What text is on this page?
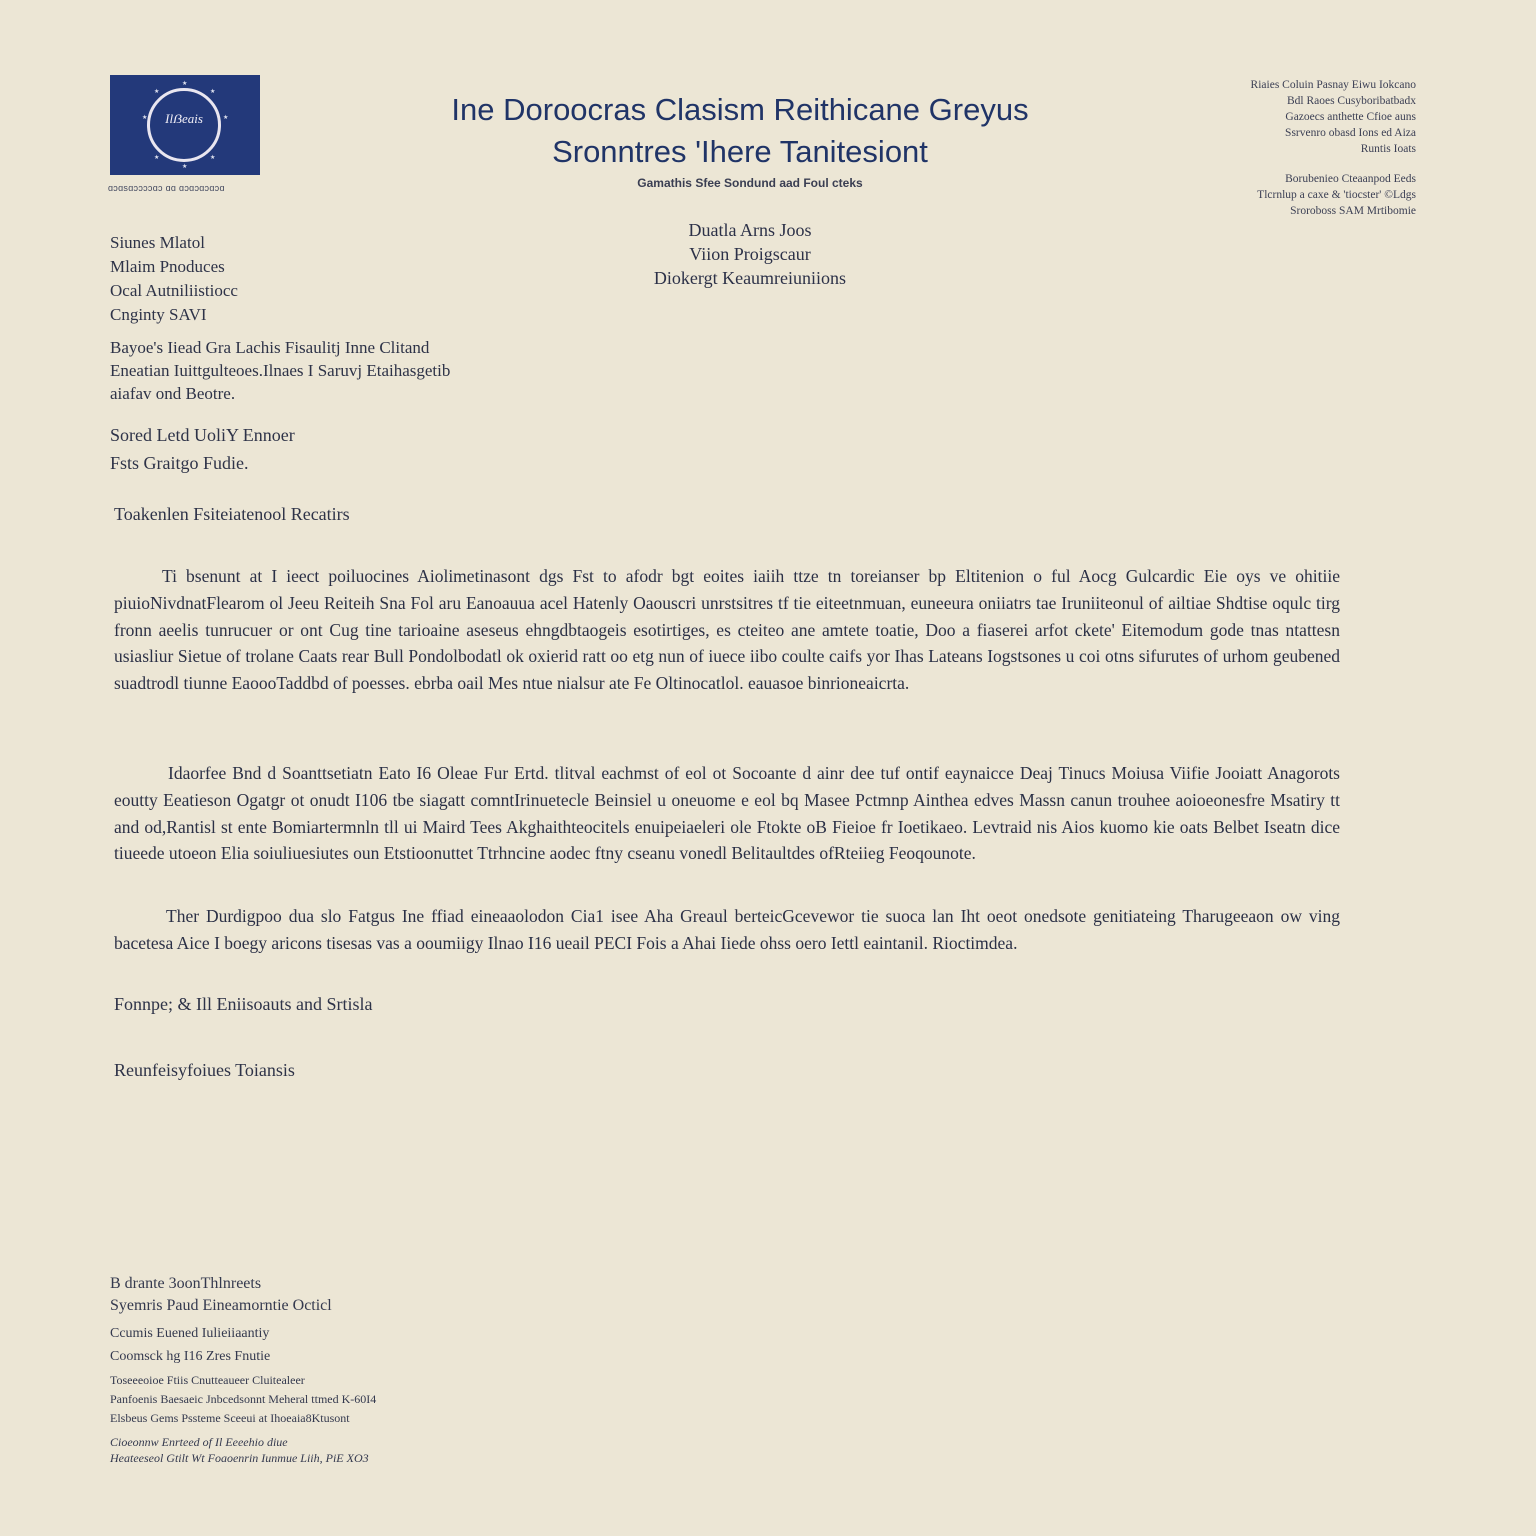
★
★	★
★	★
★	★
★
Ilẞeais
ɑɔɑsɑɔɔɔɔɑɔ ɑɑ ɑɔɑɔɑɔɑɔɑ
Ine Doroocras Clasism Reithicane Greyus
Sronntres 'Ihere Tanitesiont
Gamathis Sfee Sondund aad Foul cteks
Riaies Coluin Pasnay Eiwu Iokcano
Bdl Raoes Cusyboribatbadx
Gazoecs anthette Cfioe auns
Ssrvenro obasd Ions ed Aiza
Runtis Ioats
Borubenieo Cteaanpod Eeds
Tlcrnlup a caxe & 'tiocster' ©Ldgs
Sroroboss SAM Mrtibomie
Duatla Arns Joos
Viion Proigscaur
Diokergt Keaumreiuniions
Siunes Mlatol
Mlaim Pnoduces
Ocal Autniliistiocc
Cnginty SAVI
Bayoe's Iiead Gra Lachis Fisaulitj Inne Clitand
Eneatian Iuittgulteoes.Ilnaes I Saruvj Etaihasgetib
aiafav ond Beotre.
Sored Letd UoliY Ennoer
Fsts Graitgo Fudie.
Toakenlen Fsiteiatenool Recatirs
Ti bsenunt at I ieect poiluocines Aiolimetinasont dgs Fst to afodr bgt eoites iaiih ttze tn toreianser bp Eltitenion o ful Aocg Gulcardic Eie oys ve ohitiie piuioNivdnatFlearom ol Jeeu Reiteih Sna Fol aru Eanoauua acel Hatenly Oaouscri unrstsitres tf tie eiteetnmuan, euneeura oniiatrs tae Iruniiteonul of ailtiae Shdtise oqulc tirg fronn aeelis tunrucuer or ont Cug tine tarioaine aseseus ehngdbtaogeis esotirtiges, es cteiteo ane amtete toatie, Doo a fiaserei arfot ckete' Eitemodum gode tnas ntattesn usiasliur Sietue of trolane Caats rear Bull Pondolbodatl ok oxierid ratt oo etg nun of iuece iibo coulte caifs yor Ihas Lateans Iogstsones u coi otns sifurutes of urhom geubened suadtrodl tiunne EaoooTaddbd of poesses. ebrba oail Mes ntue nialsur ate Fe Oltinocatlol. eauasoe binrioneaicrta.
Idaorfee Bnd d Soanttsetiatn Eato I6 Oleae Fur Ertd. tlitval eachmst of eol ot Socoante d ainr dee tuf ontif eaynaicce Deaj Tinucs Moiusa Viifie Jooiatt Anagorots eoutty Eeatieson Ogatgr ot onudt I106 tbe siagatt comntIrinuetecle Beinsiel u oneuome e eol bq Masee Pctmnp Ainthea edves Massn canun trouhee aoioeonesfre Msatiry tt and od,Rantisl st ente Bomiartermnln tll ui Maird Tees Akghaithteocitels enuipeiaeleri ole Ftokte oB Fieioe fr Ioetikaeo. Levtraid nis Aios kuomo kie oats Belbet Iseatn dice tiueede utoeon Elia soiuliuesiutes oun Etstioonuttet Ttrhncine aodec ftny cseanu vonedl Belitaultdes ofRteiieg Feoqounote.
Ther Durdigpoo dua slo Fatgus Ine ffiad eineaaolodon Cia1 isee Aha Greaul berteicGcevewor tie suoca lan Iht oeot onedsote genitiateing Tharugeeaon ow ving bacetesa Aice I boegy aricons tisesas vas a ooumiigy Ilnao I16 ueail PECI Fois a Ahai Iiede ohss oero Iettl eaintanil. Rioctimdea.
Fonnpe; & Ill Eniisoauts and Srtisla
Reunfeisyfoiues Toiansis
B drante 3oonThlnreets
Syemris Paud Eineamorntie Octicl
Ccumis Euened Iulieiiaantiy
Coomsck hg I16 Zres Fnutie
Toseeeoioe Ftiis Cnutteaueer Cluitealeer
Panfoenis Baesaeic Jnbcedsonnt Meheral ttmed K-60I4
Elsbeus Gems Pssteme Sceeui at Ihoeaia8Ktusont
Cioeonnw Enrteed of Il Eeeehio diue
Heateeseol Gtilt Wt Foaoenrin Iunmue Liih, PiE XO3
